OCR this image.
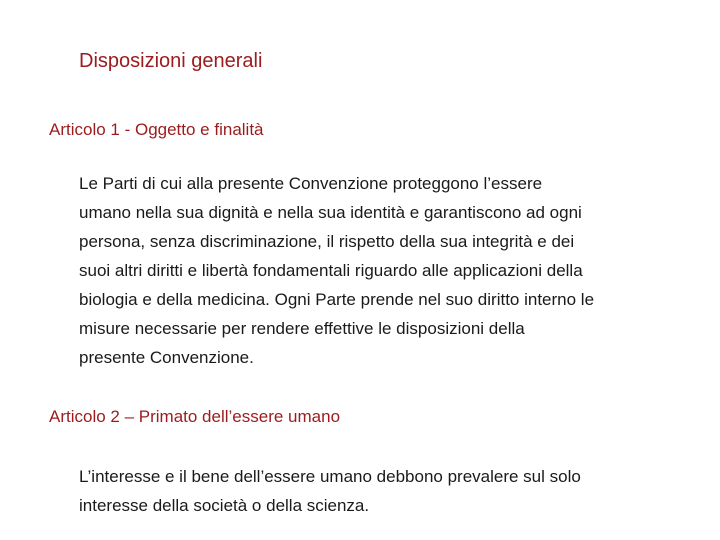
Disposizioni generali
Articolo 1 - Oggetto e finalità

Le Parti di cui alla presente Convenzione proteggono l’essere
umano nella sua dignità e nella sua identità e garantiscono ad ogni
persona, senza discriminazione, il rispetto della sua integrità e dei
suoi altri diritti e libertà fondamentali riguardo alle applicazioni della
biologia e della medicina. Ogni Parte prende nel suo diritto interno le
misure necessarie per rendere effettive le disposizioni della
presente Convenzione.

Articolo 2 – Primato dell’essere umano

L’interesse e il bene dell’essere umano debbono prevalere sul solo
interesse della società o della scienza.
